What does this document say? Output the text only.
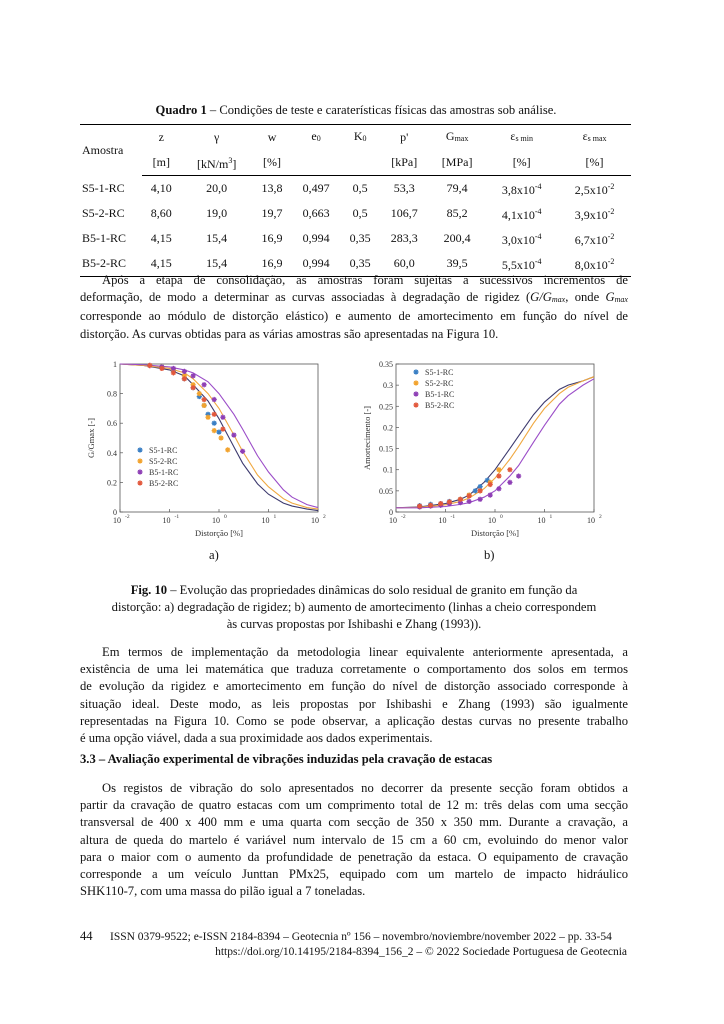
Quadro 1 – Condições de teste e caraterísticas físicas das amostras sob análise.
Amostra	z	γ	w	e0	K0	p'	Gmax	εs min	εs max
	[m]	$[kN/m^3]$	[%]			[kPa]	[MPa]	[%]	[%]
S5-1-RC	4,10	20,0	13,8	0,497	0,5	53,3	79,4	$3,8x10^{-4}$	$2,5x10^{-2}$
S5-2-RC	8,60	19,0	19,7	0,663	0,5	106,7	85,2	$4,1x10^{-4}$	$3,9x10^{-2}$
B5-1-RC	4,15	15,4	16,9	0,994	0,35	283,3	200,4	$3,0x10^{-4}$	$6,7x10^{-2}$
B5-2-RC	4,15	15,4	16,9	0,994	0,35	60,0	39,5	$5,5x10^{-4}$	$8,0x10^{-2}$
Após a etapa de consolidação, as amostras foram sujeitas a sucessivos incrementos de
deformação, de modo a determinar as curvas associadas à degradação de rigidez (G/Gmax, onde Gmax
corresponde ao módulo de distorção elástico) e aumento de amortecimento em função do nível de
distorção. As curvas obtidas para as várias amostras são apresentadas na Figura 10.
10 -2	10 -1	10 0	10 1	10 2
0
0.2
0.4
0.6
0.8
1
Distorção [%]
G/Gmax [-]	S5-1-RC
S5-2-RC
B5-1-RC
B5-2-RC
a)
10 -2	10 -1	10 0	10 1	10 2
0
0.05
0.1
0.15
0.2
0.25
0.3
0.35
Distorção [%]
Amortecimento [-]
S5-1-RC
S5-2-RC
B5-1-RC
B5-2-RC
b)
Fig. 10 – Evolução das propriedades dinâmicas do solo residual de granito em função da
distorção: a) degradação de rigidez; b) aumento de amortecimento (linhas a cheio correspondem
às curvas propostas por Ishibashi e Zhang (1993)).
Em termos de implementação da metodologia linear equivalente anteriormente apresentada, a
existência de uma lei matemática que traduza corretamente o comportamento dos solos em termos
de evolução da rigidez e amortecimento em função do nível de distorção associado corresponde à
situação ideal. Deste modo, as leis propostas por Ishibashi e Zhang (1993) são igualmente
representadas na Figura 10. Como se pode observar, a aplicação destas curvas no presente trabalho
é uma opção viável, dada a sua proximidade aos dados experimentais.
3.3 – Avaliação experimental de vibrações induzidas pela cravação de estacas
Os registos de vibração do solo apresentados no decorrer da presente secção foram obtidos a
partir da cravação de quatro estacas com um comprimento total de 12 m: três delas com uma secção
transversal de 400 x 400 mm e uma quarta com secção de 350 x 350 mm. Durante a cravação, a
altura de queda do martelo é variável num intervalo de 15 cm a 60 cm, evoluindo do menor valor
para o maior com o aumento da profundidade de penetração da estaca. O equipamento de cravação
corresponde a um veículo Junttan PMx25, equipado com um martelo de impacto hidráulico
SHK110-7, com uma massa do pilão igual a 7 toneladas.
44 ISSN 0379-9522; e-ISSN 2184-8394 – Geotecnia nº 156 – novembro/noviembre/november 2022 – pp. 33-54
https://doi.org/10.14195/2184-8394_156_2 – © 2022 Sociedade Portuguesa de Geotecnia
